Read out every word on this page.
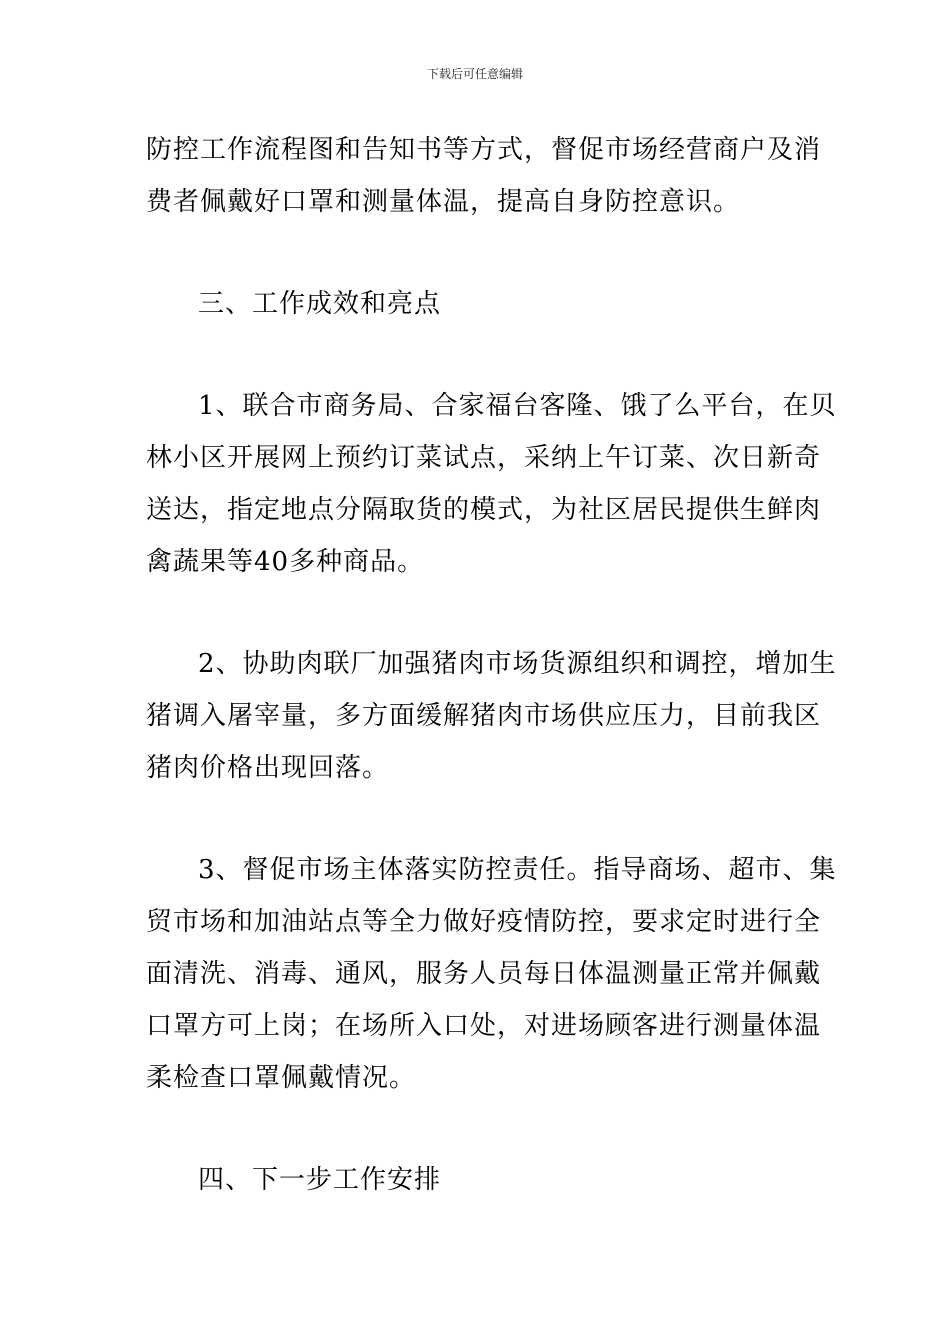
下载后可任意编辑

防控工作流程图和告知书等方式，督促市场经营商户及消
费者佩戴好口罩和测量体温，提高自身防控意识。

三、工作成效和亮点

1、联合市商务局、合家福台客隆、饿了么平台，在贝
林小区开展网上预约订菜试点，采纳上午订菜、次日新奇
送达，指定地点分隔取货的模式，为社区居民提供生鲜肉
禽蔬果等40多种商品。

2、协助肉联厂加强猪肉市场货源组织和调控，增加生
猪调入屠宰量，多方面缓解猪肉市场供应压力，目前我区
猪肉价格出现回落。

3、督促市场主体落实防控责任。指导商场、超市、集
贸市场和加油站点等全力做好疫情防控，要求定时进行全
面清洗、消毒、通风，服务人员每日体温测量正常并佩戴
口罩方可上岗；在场所入口处，对进场顾客进行测量体温
柔检查口罩佩戴情况。

四、下一步工作安排
